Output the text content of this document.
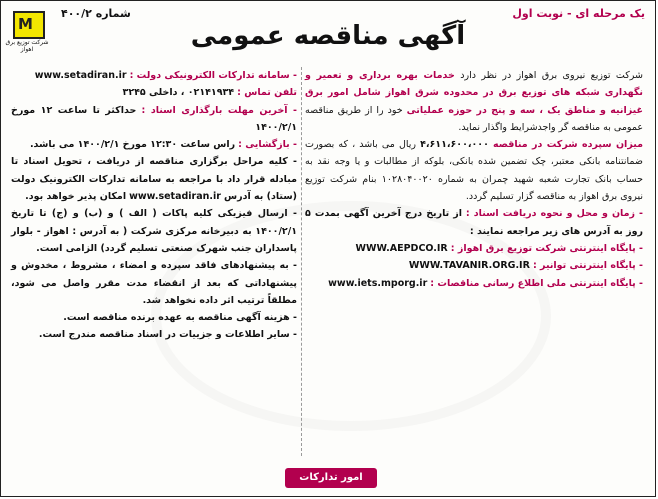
M
شرکت توزیع برق اهواز
یک مرحله ای - نوبت اول
شماره ۴۰۰/۲
آگهی مناقصه عمومی

شرکت توزیع نیروی برق اهواز در نظر دارد خدمات بهره برداری و تعمیر و نگهداری شبکه های توزیع برق در محدوده شرق اهواز شامل امور برق غیزانیه و مناطق یک ، سه و پنج در حوزه عملیاتی خود را از طریق مناقصه عمومی به مناقصه گر واجدشرایط واگذار نماید.

میزان سپرده شرکت در مناقصه ۴،۶۱۱،۶۰۰،۰۰۰ ریال می باشد ، که بصورت ضمانتنامه بانکی معتبر، چک تضمین شده بانکی، بلوکه از مطالبات و یا وجه نقد به حساب بانک تجارت شعبه شهید چمران به شماره ۱۰۲۸۰۴۰۰۲۰ بنام شرکت توزیع نیروی برق اهواز به مناقصه گزار تسلیم گردد.

- زمان و محل و نحوه دریافت اسناد : از تاریخ درج آخرین آگهی بمدت ۵ روز به آدرس های زیر مراجعه نمایند :

- پایگاه اینترنتی شرکت توزیع برق اهواز : WWW.AEPDCO.IR

- پایگاه اینترنتی توانیر : WWW.TAVANIR.ORG.IR

- پایگاه اینترنتی ملی اطلاع رسانی مناقصات : www.iets.mporg.ir

- سامانه تدارکات الکترونیکی دولت : www.setadiran.ir

تلفن تماس : ۰۲۱۴۱۹۳۴ ، داخلی ۳۲۴۵

- آخرین مهلت بارگذاری اسناد : حداکثر تا ساعت ۱۲ مورخ ۱۴۰۰/۲/۱

- بازگشایی : راس ساعت ۱۲:۳۰ مورخ ۱۴۰۰/۲/۱ می باشد.

- کلیه مراحل برگزاری مناقصه از دریافت ، تحویل اسناد تا مبادله قرار داد با مراجعه به سامانه تدارکات الکترونیک دولت (ستاد) به آدرس www.setadiran.ir امکان پذیر خواهد بود.

- ارسال فیزیکی کلیه پاکات ( الف ) و (ب) و (ج) تا تاریخ ۱۴۰۰/۲/۱ به دبیرخانه مرکزی شرکت ( به آدرس : اهواز - بلوار پاسداران جنب شهرک صنعتی تسلیم گردد) الزامی است.

- به پیشنهادهای فاقد سپرده و امضاء ، مشروط ، مخدوش و پیشنهاداتی که بعد از انقضاء مدت مقرر واصل می شود، مطلقاً ترتیب اثر داده نخواهد شد.

- هزینه آگهی مناقصه به عهده برنده مناقصه است.

- سایر اطلاعات و جزییات در اسناد مناقصه مندرج است.

امور تدارکات
